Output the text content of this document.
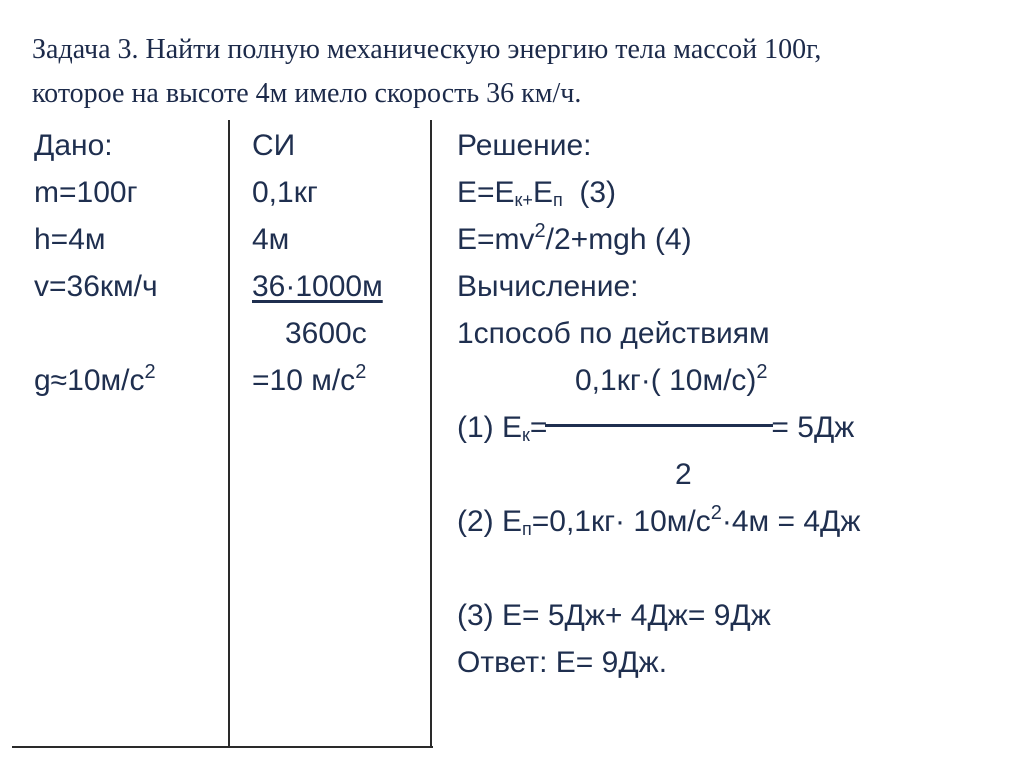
Задача 3. Найти полную механическую энергию тела массой 100г,
которое на высоте 4м имело скорость 36 км/ч.
Дано:
m=100г
h=4м
v=36км/ч
$g\approx 10м/с^2$
СИ
0,1кг
4м
36·1000м
3600с
=10 $м/с^2$
Решение:
$E=E_{к+}E_п$ (3)
$E=mv^2/2+mgh$ (4)
Вычисление:
1способ по действиям
0,1кг·( 10м/с)$^2$
(1) $E_к=$	= 5Дж
2
(2) $E_п=0,1кг\cdot 10м/с^2\cdot 4м = 4Дж$
(3) E= 5Дж+ 4Дж= 9Дж
Ответ: E= 9Дж.
